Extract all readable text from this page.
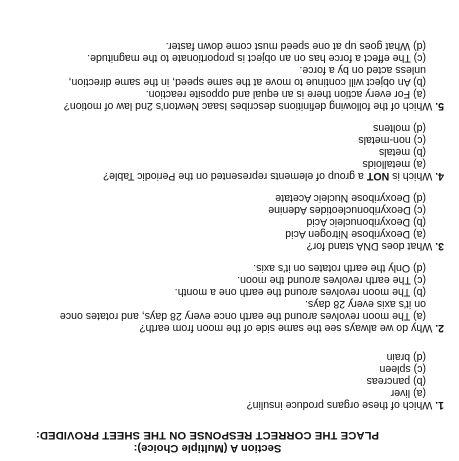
Section A (Multiple Choice):
PLACE THE CORRECT RESPONSE ON THE SHEET PROVIDED:
1. Which of these organs produce insulin?
(a) liver
(b) pancreas
(c) spleen
(d) brain
2. Why do we always see the same side of the moon from earth?
(a) The moon revolves around the earth once every 28 days, and rotates once
on it's axis every 28 days.
(b) The moon revolves around the earth one a month.
(c) The earth revolves around the moon.
(d) Only the earth rotates on it's axis.
3. What does DNA stand for?
(a) Deoxyribose Nitrogen Acid
(b) Deoxyribonucleic Acid
(c) Deoxyribonucleotides Adenine
(d) Deoxyribose Nucleic Acetate
4. Which is NOT a group of elements represented on the Periodic Table?
(a) metalloids
(b) metals
(c) non-metals
(d) moltens
5. Which of the following definitions describes Isaac Newton's 2nd law of motion?
(a) For every action there is an equal and opposite reaction.
(b) An object will continue to move at the same speed, in the same direction,
unless acted on by a force.
(c) The effect a force has on an object is proportionate to the magnitude.
(d) What goes up at one speed must come down faster.
